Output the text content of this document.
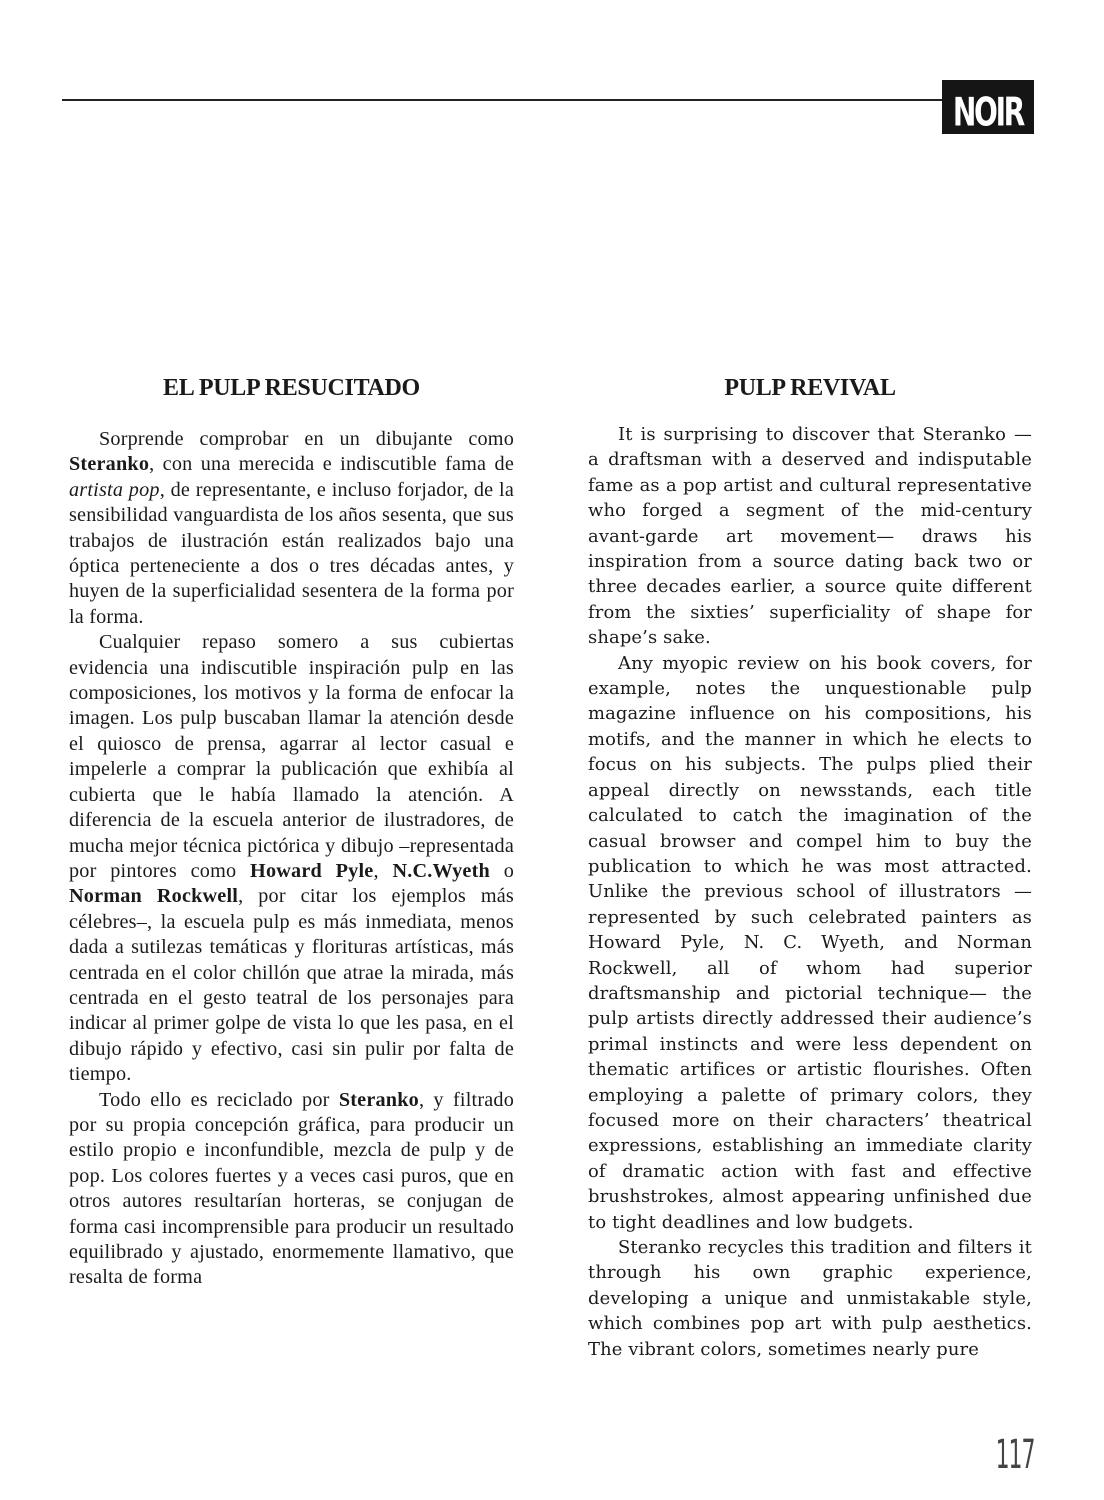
NOIR
EL PULP RESUCITADO

Sorprende comprobar en un dibujante como Steranko, con una merecida e indiscutible fama de artista pop, de representante, e incluso forjador, de la sensibilidad vanguardista de los años sesenta, que sus trabajos de ilustración están realizados bajo una óptica perteneciente a dos o tres décadas antes, y huyen de la superficialidad sesentera de la forma por la forma.

Cualquier repaso somero a sus cubiertas evidencia una indiscutible inspiración pulp en las composiciones, los motivos y la forma de enfocar la imagen. Los pulp buscaban llamar la atención desde el quiosco de prensa, agarrar al lector casual e impelerle a comprar la publicación que exhibía al cubierta que le había llamado la atención. A diferencia de la escuela anterior de ilustradores, de mucha mejor técnica pictórica y dibujo –representada por pintores como Howard Pyle, N.C.Wyeth o Norman Rockwell, por citar los ejemplos más célebres–, la escuela pulp es más inmediata, menos dada a sutilezas temáticas y florituras artísticas, más centrada en el color chillón que atrae la mirada, más centrada en el gesto teatral de los personajes para indicar al primer golpe de vista lo que les pasa, en el dibujo rápido y efectivo, casi sin pulir por falta de tiempo.

Todo ello es reciclado por Steranko, y filtrado por su propia concepción gráfica, para producir un estilo propio e inconfundible, mezcla de pulp y de pop. Los colores fuertes y a veces casi puros, que en otros autores resultarían horteras, se conjugan de forma casi incomprensible para producir un resultado equilibrado y ajustado, enormemente llamativo, que resalta de forma

PULP REVIVAL

It is surprising to discover that Steranko — a draftsman with a deserved and indisputable fame as a pop artist and cultural representative who forged a segment of the mid-century avant-garde art movement— draws his inspiration from a source dating back two or three decades earlier, a source quite different from the sixties’ superficiality of shape for shape’s sake.

Any myopic review on his book covers, for example, notes the unquestionable pulp magazine influence on his compositions, his motifs, and the manner in which he elects to focus on his subjects. The pulps plied their appeal directly on newsstands, each title calculated to catch the imagination of the casual browser and compel him to buy the publication to which he was most attracted. Unlike the previous school of illustrators — represented by such celebrated painters as Howard Pyle, N. C. Wyeth, and Norman Rockwell, all of whom had superior draftsmanship and pictorial technique— the pulp artists directly addressed their audience’s primal instincts and were less dependent on thematic artifices or artistic flourishes. Often employing a palette of primary colors, they focused more on their characters’ theatrical expressions, establishing an immediate clarity of dramatic action with fast and effective brushstrokes, almost appearing unfinished due to tight deadlines and low budgets.

Steranko recycles this tradition and filters it through his own graphic experience, developing a unique and unmistakable style, which combines pop art with pulp aesthetics. The vibrant colors, sometimes nearly pure

117
